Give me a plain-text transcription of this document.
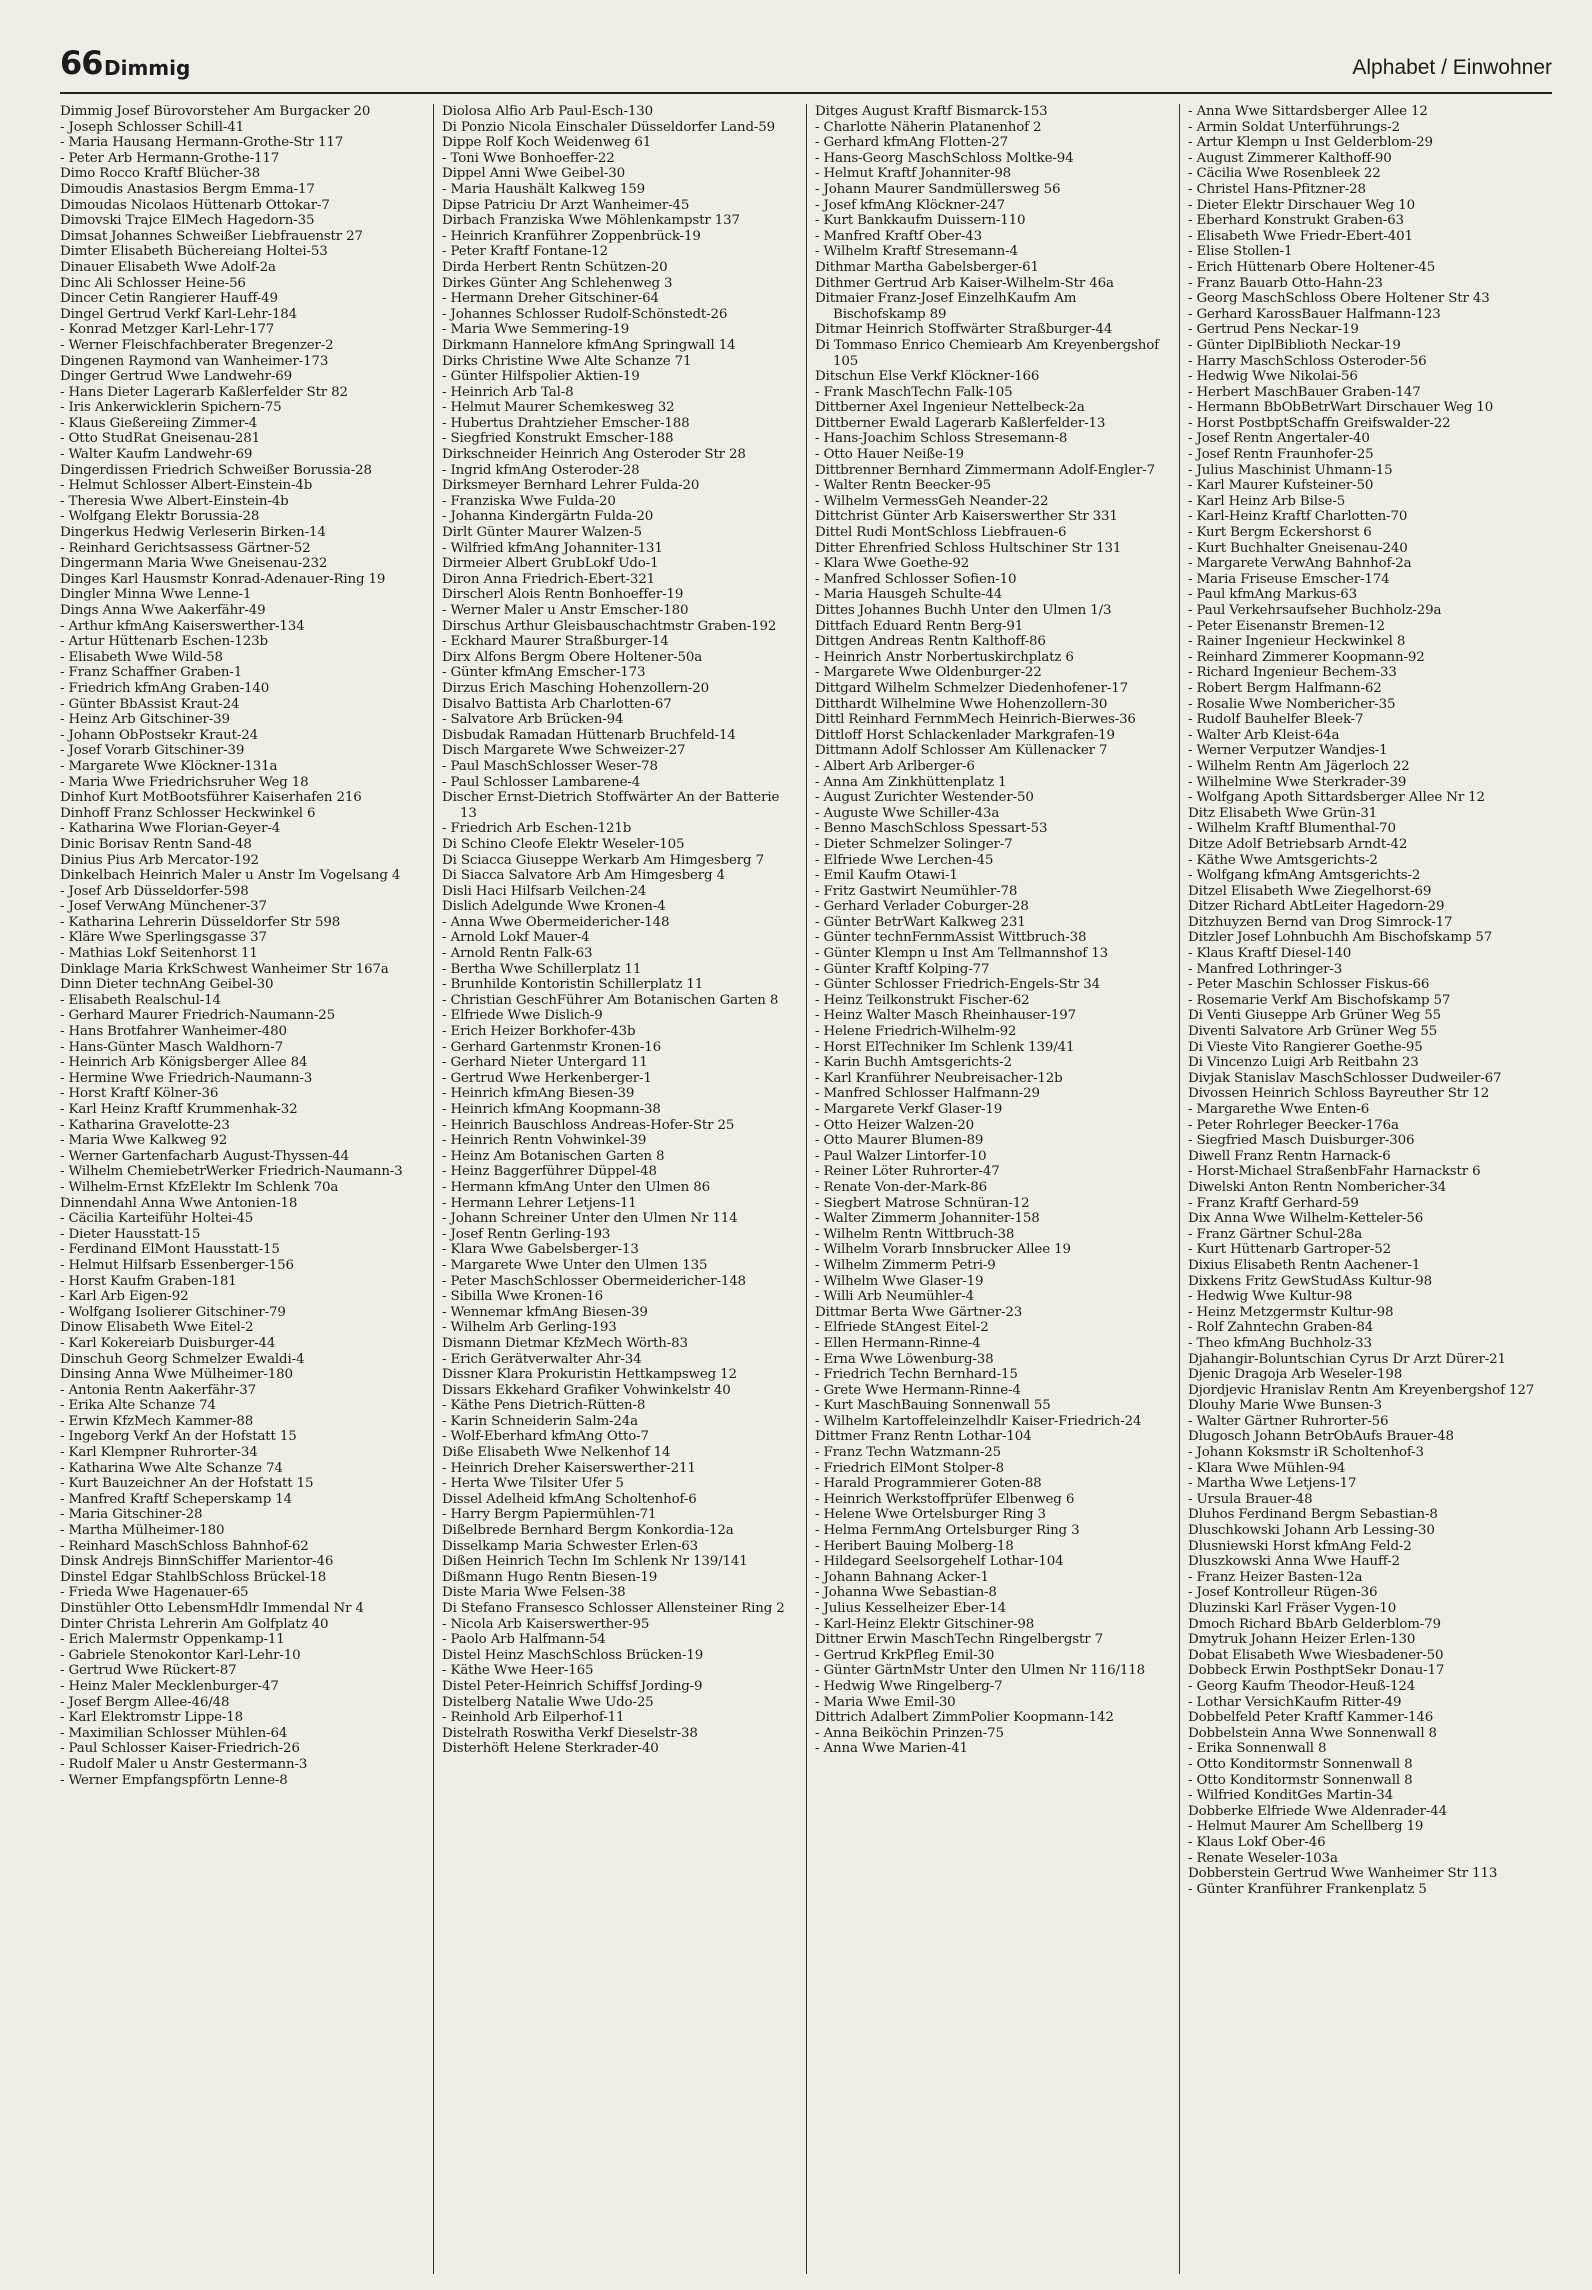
66 Dimmig	Alphabet / Einwohner
Dimmig Josef Bürovorsteher Am Burgacker 20
- Joseph Schlosser Schill-41
- Maria Hausang Hermann-Grothe-Str 117
- Peter Arb Hermann-Grothe-117
Dimo Rocco Kraftf Blücher-38
Dimoudis Anastasios Bergm Emma-17
Dimoudas Nicolaos Hüttenarb Ottokar-7
Dimovski Trajce ElMech Hagedorn-35
Dimsat Johannes Schweißer Liebfrauenstr 27
Dimter Elisabeth Büchereiang Holtei-53
Dinauer Elisabeth Wwe Adolf-2a
Dinc Ali Schlosser Heine-56
Dincer Cetin Rangierer Hauff-49
Dingel Gertrud Verkf Karl-Lehr-184
- Konrad Metzger Karl-Lehr-177
- Werner Fleischfachberater Bregenzer-2
Dingenen Raymond van Wanheimer-173
Dinger Gertrud Wwe Landwehr-69
- Hans Dieter Lagerarb Kaßlerfelder Str 82
- Iris Ankerwicklerin Spichern-75
- Klaus Gießereiing Zimmer-4
- Otto StudRat Gneisenau-281
- Walter Kaufm Landwehr-69
Dingerdissen Friedrich Schweißer Borussia-28
- Helmut Schlosser Albert-Einstein-4b
- Theresia Wwe Albert-Einstein-4b
- Wolfgang Elektr Borussia-28
Dingerkus Hedwig Verleserin Birken-14
- Reinhard Gerichtsassess Gärtner-52
Dingermann Maria Wwe Gneisenau-232
Dinges Karl Hausmstr Konrad-Adenauer-Ring 19
Dingler Minna Wwe Lenne-1
Dings Anna Wwe Aakerfähr-49
- Arthur kfmAng Kaiserswerther-134
- Artur Hüttenarb Eschen-123b
- Elisabeth Wwe Wild-58
- Franz Schaffner Graben-1
- Friedrich kfmAng Graben-140
- Günter BbAssist Kraut-24
- Heinz Arb Gitschiner-39
- Johann ObPostsekr Kraut-24
- Josef Vorarb Gitschiner-39
- Margarete Wwe Klöckner-131a
- Maria Wwe Friedrichsruher Weg 18
Dinhof Kurt MotBootsführer Kaiserhafen 216
Dinhoff Franz Schlosser Heckwinkel 6
- Katharina Wwe Florian-Geyer-4
Dinic Borisav Rentn Sand-48
Dinius Pius Arb Mercator-192
Dinkelbach Heinrich Maler u Anstr Im Vogelsang 4
- Josef Arb Düsseldorfer-598
- Josef VerwAng Münchener-37
- Katharina Lehrerin Düsseldorfer Str 598
- Kläre Wwe Sperlingsgasse 37
- Mathias Lokf Seitenhorst 11
Dinklage Maria KrkSchwest Wanheimer Str 167a
Dinn Dieter technAng Geibel-30
- Elisabeth Realschul-14
- Gerhard Maurer Friedrich-Naumann-25
- Hans Brotfahrer Wanheimer-480
- Hans-Günter Masch Waldhorn-7
- Heinrich Arb Königsberger Allee 84
- Hermine Wwe Friedrich-Naumann-3
- Horst Kraftf Kölner-36
- Karl Heinz Kraftf Krummenhak-32
- Katharina Gravelotte-23
- Maria Wwe Kalkweg 92
- Werner Gartenfacharb August-Thyssen-44
- Wilhelm ChemiebetrWerker Friedrich-Naumann-3
- Wilhelm-Ernst KfzElektr Im Schlenk 70a
Dinnendahl Anna Wwe Antonien-18
- Cäcilia Karteiführ Holtei-45
- Dieter Hausstatt-15
- Ferdinand ElMont Hausstatt-15
- Helmut Hilfsarb Essenberger-156
- Horst Kaufm Graben-181
- Karl Arb Eigen-92
- Wolfgang Isolierer Gitschiner-79
Dinow Elisabeth Wwe Eitel-2
- Karl Kokereiarb Duisburger-44
Dinschuh Georg Schmelzer Ewaldi-4
Dinsing Anna Wwe Mülheimer-180
- Antonia Rentn Aakerfähr-37
- Erika Alte Schanze 74
- Erwin KfzMech Kammer-88
- Ingeborg Verkf An der Hofstatt 15
- Karl Klempner Ruhrorter-34
- Katharina Wwe Alte Schanze 74
- Kurt Bauzeichner An der Hofstatt 15
- Manfred Kraftf Scheperskamp 14
- Maria Gitschiner-28
- Martha Mülheimer-180
- Reinhard MaschSchloss Bahnhof-62
Dinsk Andrejs BinnSchiffer Marientor-46
Dinstel Edgar StahlbSchloss Brückel-18
- Frieda Wwe Hagenauer-65
Dinstühler Otto LebensmHdlr Immendal Nr 4
Dinter Christa Lehrerin Am Golfplatz 40
- Erich Malermstr Oppenkamp-11
- Gabriele Stenokontor Karl-Lehr-10
- Gertrud Wwe Rückert-87
- Heinz Maler Mecklenburger-47
- Josef Bergm Allee-46/48
- Karl Elektromstr Lippe-18
- Maximilian Schlosser Mühlen-64
- Paul Schlosser Kaiser-Friedrich-26
- Rudolf Maler u Anstr Gestermann-3
- Werner Empfangspförtn Lenne-8
Diolosa Alfio Arb Paul-Esch-130
Di Ponzio Nicola Einschaler Düsseldorfer Land-59
Dippe Rolf Koch Weidenweg 61
- Toni Wwe Bonhoeffer-22
Dippel Anni Wwe Geibel-30
- Maria Haushält Kalkweg 159
Dipse Patriciu Dr Arzt Wanheimer-45
Dirbach Franziska Wwe Möhlenkampstr 137
- Heinrich Kranführer Zoppenbrück-19
- Peter Kraftf Fontane-12
Dirda Herbert Rentn Schützen-20
Dirkes Günter Ang Schlehenweg 3
- Hermann Dreher Gitschiner-64
- Johannes Schlosser Rudolf-Schönstedt-26
- Maria Wwe Semmering-19
Dirkmann Hannelore kfmAng Springwall 14
Dirks Christine Wwe Alte Schanze 71
- Günter Hilfspolier Aktien-19
- Heinrich Arb Tal-8
- Helmut Maurer Schemkesweg 32
- Hubertus Drahtzieher Emscher-188
- Siegfried Konstrukt Emscher-188
Dirkschneider Heinrich Ang Osteroder Str 28
- Ingrid kfmAng Osteroder-28
Dirksmeyer Bernhard Lehrer Fulda-20
- Franziska Wwe Fulda-20
- Johanna Kindergärtn Fulda-20
Dirlt Günter Maurer Walzen-5
- Wilfried kfmAng Johanniter-131
Dirmeier Albert GrubLokf Udo-1
Diron Anna Friedrich-Ebert-321
Dirscherl Alois Rentn Bonhoeffer-19
- Werner Maler u Anstr Emscher-180
Dirschus Arthur Gleisbauschachtmstr Graben-192
- Eckhard Maurer Straßburger-14
Dirx Alfons Bergm Obere Holtener-50a
- Günter kfmAng Emscher-173
Dirzus Erich Masching Hohenzollern-20
Disalvo Battista Arb Charlotten-67
- Salvatore Arb Brücken-94
Disbudak Ramadan Hüttenarb Bruchfeld-14
Disch Margarete Wwe Schweizer-27
- Paul MaschSchlosser Weser-78
- Paul Schlosser Lambarene-4
Discher Ernst-Dietrich Stoffwärter An der Batterie 13
- Friedrich Arb Eschen-121b
Di Schino Cleofe Elektr Weseler-105
Di Sciacca Giuseppe Werkarb Am Himgesberg 7
Di Siacca Salvatore Arb Am Himgesberg 4
Disli Haci Hilfsarb Veilchen-24
Dislich Adelgunde Wwe Kronen-4
- Anna Wwe Obermeidericher-148
- Arnold Lokf Mauer-4
- Arnold Rentn Falk-63
- Bertha Wwe Schillerplatz 11
- Brunhilde Kontoristin Schillerplatz 11
- Christian GeschFührer Am Botanischen Garten 8
- Elfriede Wwe Dislich-9
- Erich Heizer Borkhofer-43b
- Gerhard Gartenmstr Kronen-16
- Gerhard Nieter Untergard 11
- Gertrud Wwe Herkenberger-1
- Heinrich kfmAng Biesen-39
- Heinrich kfmAng Koopmann-38
- Heinrich Bauschloss Andreas-Hofer-Str 25
- Heinrich Rentn Vohwinkel-39
- Heinz Am Botanischen Garten 8
- Heinz Baggerführer Düppel-48
- Hermann kfmAng Unter den Ulmen 86
- Hermann Lehrer Letjens-11
- Johann Schreiner Unter den Ulmen Nr 114
- Josef Rentn Gerling-193
- Klara Wwe Gabelsberger-13
- Margarete Wwe Unter den Ulmen 135
- Peter MaschSchlosser Obermeidericher-148
- Sibilla Wwe Kronen-16
- Wennemar kfmAng Biesen-39
- Wilhelm Arb Gerling-193
Dismann Dietmar KfzMech Wörth-83
- Erich Gerätverwalter Ahr-34
Dissner Klara Prokuristin Hettkampsweg 12
Dissars Ekkehard Grafiker Vohwinkelstr 40
- Käthe Pens Dietrich-Rütten-8
- Karin Schneiderin Salm-24a
- Wolf-Eberhard kfmAng Otto-7
Diße Elisabeth Wwe Nelkenhof 14
- Heinrich Dreher Kaiserswerther-211
- Herta Wwe Tilsiter Ufer 5
Dissel Adelheid kfmAng Scholtenhof-6
- Harry Bergm Papiermühlen-71
Dißelbrede Bernhard Bergm Konkordia-12a
Disselkamp Maria Schwester Erlen-63
Dißen Heinrich Techn Im Schlenk Nr 139/141
Dißmann Hugo Rentn Biesen-19
Diste Maria Wwe Felsen-38
Di Stefano Fransesco Schlosser Allensteiner Ring 2
- Nicola Arb Kaiserswerther-95
- Paolo Arb Halfmann-54
Distel Heinz MaschSchloss Brücken-19
- Käthe Wwe Heer-165
Distel Peter-Heinrich Schiffsf Jording-9
Distelberg Natalie Wwe Udo-25
- Reinhold Arb Eilperhof-11
Distelrath Roswitha Verkf Dieselstr-38
Disterhöft Helene Sterkrader-40
Ditges August Kraftf Bismarck-153
- Charlotte Näherin Platanenhof 2
- Gerhard kfmAng Flotten-27
- Hans-Georg MaschSchloss Moltke-94
- Helmut Kraftf Johanniter-98
- Johann Maurer Sandmüllersweg 56
- Josef kfmAng Klöckner-247
- Kurt Bankkaufm Duissern-110
- Manfred Kraftf Ober-43
- Wilhelm Kraftf Stresemann-4
Dithmar Martha Gabelsberger-61
Dithmer Gertrud Arb Kaiser-Wilhelm-Str 46a
Ditmaier Franz-Josef EinzelhKaufm Am Bischofskamp 89
Ditmar Heinrich Stoffwärter Straßburger-44
Di Tommaso Enrico Chemiearb Am Kreyenbergshof 105
Ditschun Else Verkf Klöckner-166
- Frank MaschTechn Falk-105
Dittberner Axel Ingenieur Nettelbeck-2a
Dittberner Ewald Lagerarb Kaßlerfelder-13
- Hans-Joachim Schloss Stresemann-8
- Otto Hauer Neiße-19
Dittbrenner Bernhard Zimmermann Adolf-Engler-7
- Walter Rentn Beecker-95
- Wilhelm VermessGeh Neander-22
Dittchrist Günter Arb Kaiserswerther Str 331
Dittel Rudi MontSchloss Liebfrauen-6
Ditter Ehrenfried Schloss Hultschiner Str 131
- Klara Wwe Goethe-92
- Manfred Schlosser Sofien-10
- Maria Hausgeh Schulte-44
Dittes Johannes Buchh Unter den Ulmen 1/3
Dittfach Eduard Rentn Berg-91
Dittgen Andreas Rentn Kalthoff-86
- Heinrich Anstr Norbertuskirchplatz 6
- Margarete Wwe Oldenburger-22
Dittgard Wilhelm Schmelzer Diedenhofener-17
Ditthardt Wilhelmine Wwe Hohenzollern-30
Dittl Reinhard FernmMech Heinrich-Bierwes-36
Dittloff Horst Schlackenlader Markgrafen-19
Dittmann Adolf Schlosser Am Küllenacker 7
- Albert Arb Arlberger-6
- Anna Am Zinkhüttenplatz 1
- August Zurichter Westender-50
- Auguste Wwe Schiller-43a
- Benno MaschSchloss Spessart-53
- Dieter Schmelzer Solinger-7
- Elfriede Wwe Lerchen-45
- Emil Kaufm Otawi-1
- Fritz Gastwirt Neumühler-78
- Gerhard Verlader Coburger-28
- Günter BetrWart Kalkweg 231
- Günter technFernmAssist Wittbruch-38
- Günter Klempn u Inst Am Tellmannshof 13
- Günter Kraftf Kolping-77
- Günter Schlosser Friedrich-Engels-Str 34
- Heinz Teilkonstrukt Fischer-62
- Heinz Walter Masch Rheinhauser-197
- Helene Friedrich-Wilhelm-92
- Horst ElTechniker Im Schlenk 139/41
- Karin Buchh Amtsgerichts-2
- Karl Kranführer Neubreisacher-12b
- Manfred Schlosser Halfmann-29
- Margarete Verkf Glaser-19
- Otto Heizer Walzen-20
- Otto Maurer Blumen-89
- Paul Walzer Lintorfer-10
- Reiner Löter Ruhrorter-47
- Renate Von-der-Mark-86
- Siegbert Matrose Schnüran-12
- Walter Zimmerm Johanniter-158
- Wilhelm Rentn Wittbruch-38
- Wilhelm Vorarb Innsbrucker Allee 19
- Wilhelm Zimmerm Petri-9
- Wilhelm Wwe Glaser-19
- Willi Arb Neumühler-4
Dittmar Berta Wwe Gärtner-23
- Elfriede StAngest Eitel-2
- Ellen Hermann-Rinne-4
- Erna Wwe Löwenburg-38
- Friedrich Techn Bernhard-15
- Grete Wwe Hermann-Rinne-4
- Kurt MaschBauing Sonnenwall 55
- Wilhelm Kartoffeleinzelhdlr Kaiser-Friedrich-24
Dittmer Franz Rentn Lothar-104
- Franz Techn Watzmann-25
- Friedrich ElMont Stolper-8
- Harald Programmierer Goten-88
- Heinrich Werkstoffprüfer Elbenweg 6
- Helene Wwe Ortelsburger Ring 3
- Helma FernmAng Ortelsburger Ring 3
- Heribert Bauing Molberg-18
- Hildegard Seelsorgehelf Lothar-104
- Johann Bahnang Acker-1
- Johanna Wwe Sebastian-8
- Julius Kesselheizer Eber-14
- Karl-Heinz Elektr Gitschiner-98
Dittner Erwin MaschTechn Ringelbergstr 7
- Gertrud KrkPfleg Emil-30
- Günter GärtnMstr Unter den Ulmen Nr 116/118
- Hedwig Wwe Ringelberg-7
- Maria Wwe Emil-30
Dittrich Adalbert ZimmPolier Koopmann-142
- Anna Beiköchin Prinzen-75
- Anna Wwe Marien-41
- Anna Wwe Sittardsberger Allee 12
- Armin Soldat Unterführungs-2
- Artur Klempn u Inst Gelderblom-29
- August Zimmerer Kalthoff-90
- Cäcilia Wwe Rosenbleek 22
- Christel Hans-Pfitzner-28
- Dieter Elektr Dirschauer Weg 10
- Eberhard Konstrukt Graben-63
- Elisabeth Wwe Friedr-Ebert-401
- Elise Stollen-1
- Erich Hüttenarb Obere Holtener-45
- Franz Bauarb Otto-Hahn-23
- Georg MaschSchloss Obere Holtener Str 43
- Gerhard KarossBauer Halfmann-123
- Gertrud Pens Neckar-19
- Günter DiplBiblioth Neckar-19
- Harry MaschSchloss Osteroder-56
- Hedwig Wwe Nikolai-56
- Herbert MaschBauer Graben-147
- Hermann BbObBetrWart Dirschauer Weg 10
- Horst PostbptSchaffn Greifswalder-22
- Josef Rentn Angertaler-40
- Josef Rentn Fraunhofer-25
- Julius Maschinist Uhmann-15
- Karl Maurer Kufsteiner-50
- Karl Heinz Arb Bilse-5
- Karl-Heinz Kraftf Charlotten-70
- Kurt Bergm Eckershorst 6
- Kurt Buchhalter Gneisenau-240
- Margarete VerwAng Bahnhof-2a
- Maria Friseuse Emscher-174
- Paul kfmAng Markus-63
- Paul Verkehrsaufseher Buchholz-29a
- Peter Eisenanstr Bremen-12
- Rainer Ingenieur Heckwinkel 8
- Reinhard Zimmerer Koopmann-92
- Richard Ingenieur Bechem-33
- Robert Bergm Halfmann-62
- Rosalie Wwe Nombericher-35
- Rudolf Bauhelfer Bleek-7
- Walter Arb Kleist-64a
- Werner Verputzer Wandjes-1
- Wilhelm Rentn Am Jägerloch 22
- Wilhelmine Wwe Sterkrader-39
- Wolfgang Apoth Sittardsberger Allee Nr 12
Ditz Elisabeth Wwe Grün-31
- Wilhelm Kraftf Blumenthal-70
Ditze Adolf Betriebsarb Arndt-42
- Käthe Wwe Amtsgerichts-2
- Wolfgang kfmAng Amtsgerichts-2
Ditzel Elisabeth Wwe Ziegelhorst-69
Ditzer Richard AbtLeiter Hagedorn-29
Ditzhuyzen Bernd van Drog Simrock-17
Ditzler Josef Lohnbuchh Am Bischofskamp 57
- Klaus Kraftf Diesel-140
- Manfred Lothringer-3
- Peter Maschin Schlosser Fiskus-66
- Rosemarie Verkf Am Bischofskamp 57
Di Venti Giuseppe Arb Grüner Weg 55
Diventi Salvatore Arb Grüner Weg 55
Di Vieste Vito Rangierer Goethe-95
Di Vincenzo Luigi Arb Reitbahn 23
Divjak Stanislav MaschSchlosser Dudweiler-67
Divossen Heinrich Schloss Bayreuther Str 12
- Margarethe Wwe Enten-6
- Peter Rohrleger Beecker-176a
- Siegfried Masch Duisburger-306
Diwell Franz Rentn Harnack-6
- Horst-Michael StraßenbFahr Harnackstr 6
Diwelski Anton Rentn Nombericher-34
- Franz Kraftf Gerhard-59
Dix Anna Wwe Wilhelm-Ketteler-56
- Franz Gärtner Schul-28a
- Kurt Hüttenarb Gartroper-52
Dixius Elisabeth Rentn Aachener-1
Dixkens Fritz GewStudAss Kultur-98
- Hedwig Wwe Kultur-98
- Heinz Metzgermstr Kultur-98
- Rolf Zahntechn Graben-84
- Theo kfmAng Buchholz-33
Djahangir-Boluntschian Cyrus Dr Arzt Dürer-21
Djenic Dragoja Arb Weseler-198
Djordjevic Hranislav Rentn Am Kreyenbergshof 127
Dlouhy Marie Wwe Bunsen-3
- Walter Gärtner Ruhrorter-56
Dlugosch Johann BetrObAufs Brauer-48
- Johann Koksmstr iR Scholtenhof-3
- Klara Wwe Mühlen-94
- Martha Wwe Letjens-17
- Ursula Brauer-48
Dluhos Ferdinand Bergm Sebastian-8
Dluschkowski Johann Arb Lessing-30
Dlusniewski Horst kfmAng Feld-2
Dluszkowski Anna Wwe Hauff-2
- Franz Heizer Basten-12a
- Josef Kontrolleur Rügen-36
Dluzinski Karl Fräser Vygen-10
Dmoch Richard BbArb Gelderblom-79
Dmytruk Johann Heizer Erlen-130
Dobat Elisabeth Wwe Wiesbadener-50
Dobbeck Erwin PosthptSekr Donau-17
- Georg Kaufm Theodor-Heuß-124
- Lothar VersichKaufm Ritter-49
Dobbelfeld Peter Kraftf Kammer-146
Dobbelstein Anna Wwe Sonnenwall 8
- Erika Sonnenwall 8
- Otto Konditormstr Sonnenwall 8
- Otto Konditormstr Sonnenwall 8
- Wilfried KonditGes Martin-34
Dobberke Elfriede Wwe Aldenrader-44
- Helmut Maurer Am Schellberg 19
- Klaus Lokf Ober-46
- Renate Weseler-103a
Dobberstein Gertrud Wwe Wanheimer Str 113
- Günter Kranführer Frankenplatz 5
